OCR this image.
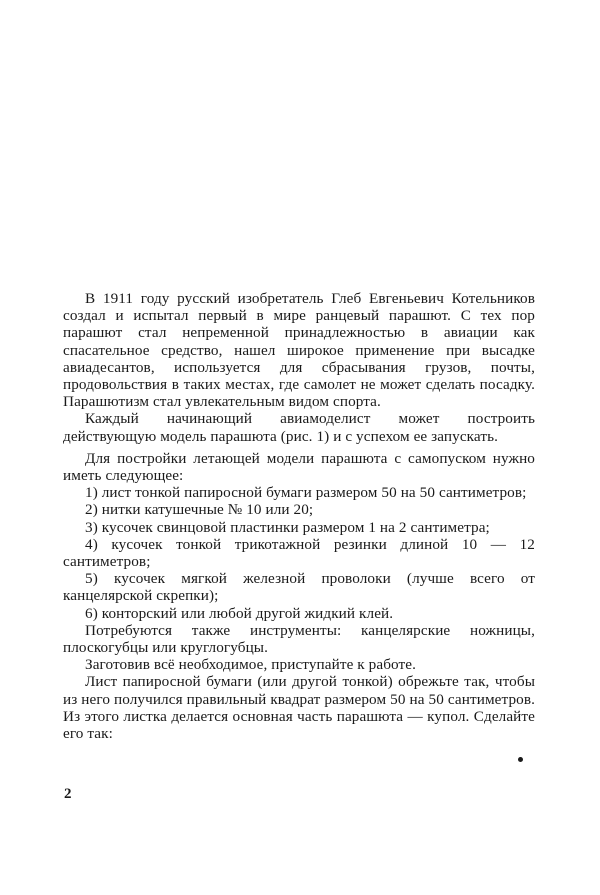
В 1911 году русский изобретатель Глеб Евгеньевич Котельников создал и испытал первый в мире ранцевый парашют. С тех пор парашют стал непременной принадлежностью в авиации как спасательное средство, нашел широкое применение при высадке авиадесантов, используется для сбрасывания грузов, почты, продовольствия в таких местах, где самолет не может сделать посадку. Парашютизм стал увлекательным видом спорта.

Каждый начинающий авиамоделист может построить действующую модель парашюта (рис. 1) и с успехом ее запускать.

Для постройки летающей модели парашюта с самопуском нужно иметь следующее:

1) лист тонкой папиросной бумаги размером 50 на 50 сантиметров;

2) нитки катушечные № 10 или 20;

3) кусочек свинцовой пластинки размером 1 на 2 сантиметра;

4) кусочек тонкой трикотажной резинки длиной 10 — 12 сантиметров;

5) кусочек мягкой железной проволоки (лучше всего от канцелярской скрепки);

6) конторский или любой другой жидкий клей.

Потребуются также инструменты: канцелярские ножницы, плоскогубцы или круглогубцы.

Заготовив всё необходимое, приступайте к работе.

Лист папиросной бумаги (или другой тонкой) обрежьте так, чтобы из него получился правильный квадрат размером 50 на 50 сантиметров. Из этого листка делается основная часть парашюта — купол. Сделайте его так:

2
